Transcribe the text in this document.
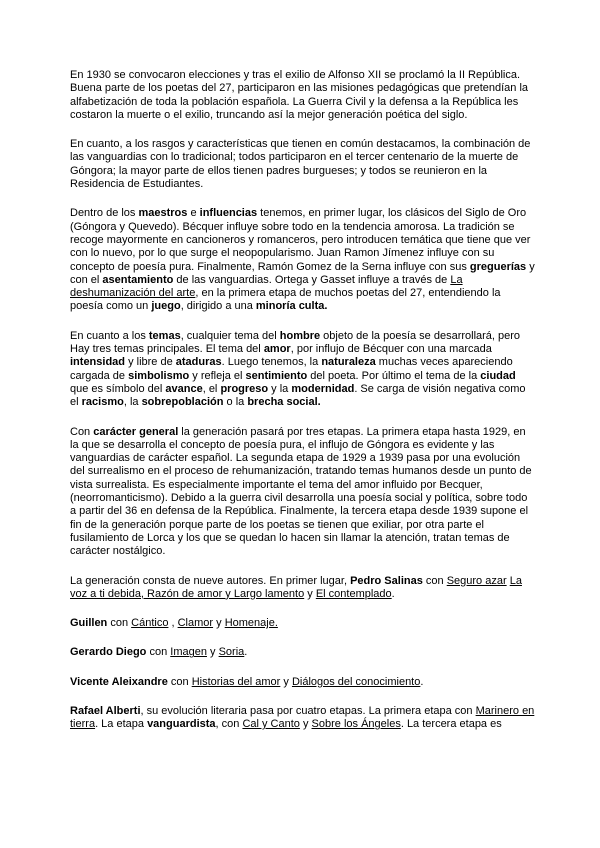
En 1930 se convocaron elecciones y tras el exilio de Alfonso XII se proclamó la II República. Buena parte de los poetas del 27, participaron en las misiones pedagógicas que pretendían la alfabetización de toda la población española. La Guerra Civil y la defensa a la República les costaron la muerte o el exilio, truncando así la mejor generación poética del siglo.

En cuanto, a los rasgos y características que tienen en común destacamos, la combinación de las vanguardias con lo tradicional; todos participaron en el tercer centenario de la muerte de Góngora; la mayor parte de ellos tienen padres burgueses; y todos se reunieron en la Residencia de Estudiantes.

Dentro de los maestros e influencias tenemos, en primer lugar, los clásicos del Siglo de Oro (Góngora y Quevedo). Bécquer influye sobre todo en la tendencia amorosa. La tradición se recoge mayormente en cancioneros y romanceros, pero introducen temática que tiene que ver con lo nuevo, por lo que surge el neopopularismo. Juan Ramon Jímenez influye con su concepto de poesía pura. Finalmente, Ramón Gomez de la Serna influye con sus greguerías y con el asentamiento de las vanguardias. Ortega y Gasset influye a través de La deshumanización del arte, en la primera etapa de muchos poetas del 27, entendiendo la poesía como un juego, dirigido a una minoría culta.

En cuanto a los temas, cualquier tema del hombre objeto de la poesía se desarrollará, pero Hay tres temas principales. El tema del amor, por influjo de Bécquer con una marcada intensidad y libre de ataduras. Luego tenemos, la naturaleza muchas veces apareciendo cargada de simbolismo y refleja el sentimiento del poeta. Por último el tema de la ciudad que es símbolo del avance, el progreso y la modernidad. Se carga de visión negativa como el racismo, la sobrepoblación o la brecha social.

Con carácter general la generación pasará por tres etapas. La primera etapa hasta 1929, en la que se desarrolla el concepto de poesía pura, el influjo de Góngora es evidente y las vanguardias de carácter español. La segunda etapa de 1929 a 1939 pasa por una evolución del surrealismo en el proceso de rehumanización, tratando temas humanos desde un punto de vista surrealista. Es especialmente importante el tema del amor influido por Becquer, (neorromanticismo). Debido a la guerra civil desarrolla una poesía social y política, sobre todo a partir del 36 en defensa de la República. Finalmente, la tercera etapa desde 1939 supone el fin de la generación porque parte de los poetas se tienen que exiliar, por otra parte el fusilamiento de Lorca y los que se quedan lo hacen sin llamar la atención, tratan temas de carácter nostálgico.

La generación consta de nueve autores. En primer lugar, Pedro Salinas con Seguro azar La voz a ti debida, Razón de amor y Largo lamento y El contemplado.

Guillen con Cántico , Clamor y Homenaje.

Gerardo Diego con Imagen y Soria.

Vicente Aleixandre con Historias del amor y Diálogos del conocimiento.

Rafael Alberti, su evolución literaria pasa por cuatro etapas. La primera etapa con Marinero en tierra. La etapa vanguardista, con Cal y Canto y Sobre los Ángeles. La tercera etapa es
